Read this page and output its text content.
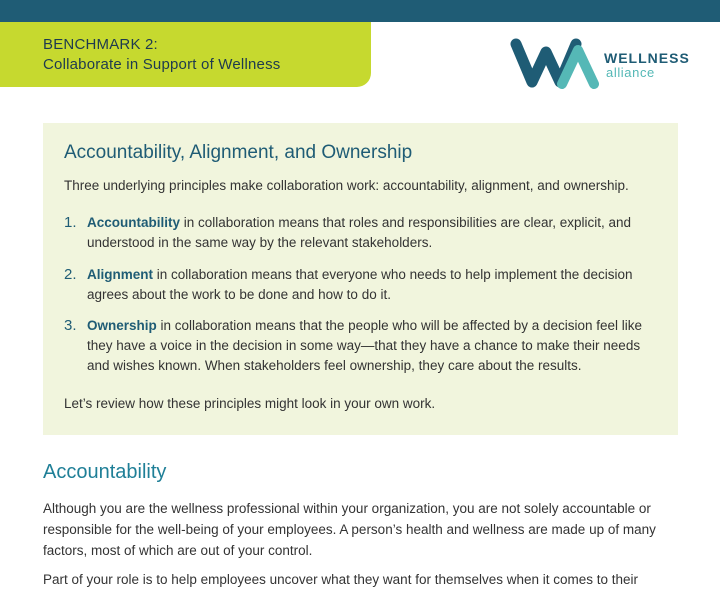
BENCHMARK 2:
Collaborate in Support of Wellness	WELLNESS
alliance
Accountability, Alignment, and Ownership
Three underlying principles make collaboration work: accountability, alignment, and ownership.
1. Accountability in collaboration means that roles and responsibilities are clear, explicit, and understood in the same way by the relevant stakeholders.
2. Alignment in collaboration means that everyone who needs to help implement the decision agrees about the work to be done and how to do it.
3. Ownership in collaboration means that the people who will be affected by a decision feel like they have a voice in the decision in some way—that they have a chance to make their needs and wishes known. When stakeholders feel ownership, they care about the results.
Let’s review how these principles might look in your own work.
Accountability
Although you are the wellness professional within your organization, you are not solely accountable or responsible for the well-being of your employees. A person’s health and wellness are made up of many factors, most of which are out of your control.
Part of your role is to help employees uncover what they want for themselves when it comes to their
